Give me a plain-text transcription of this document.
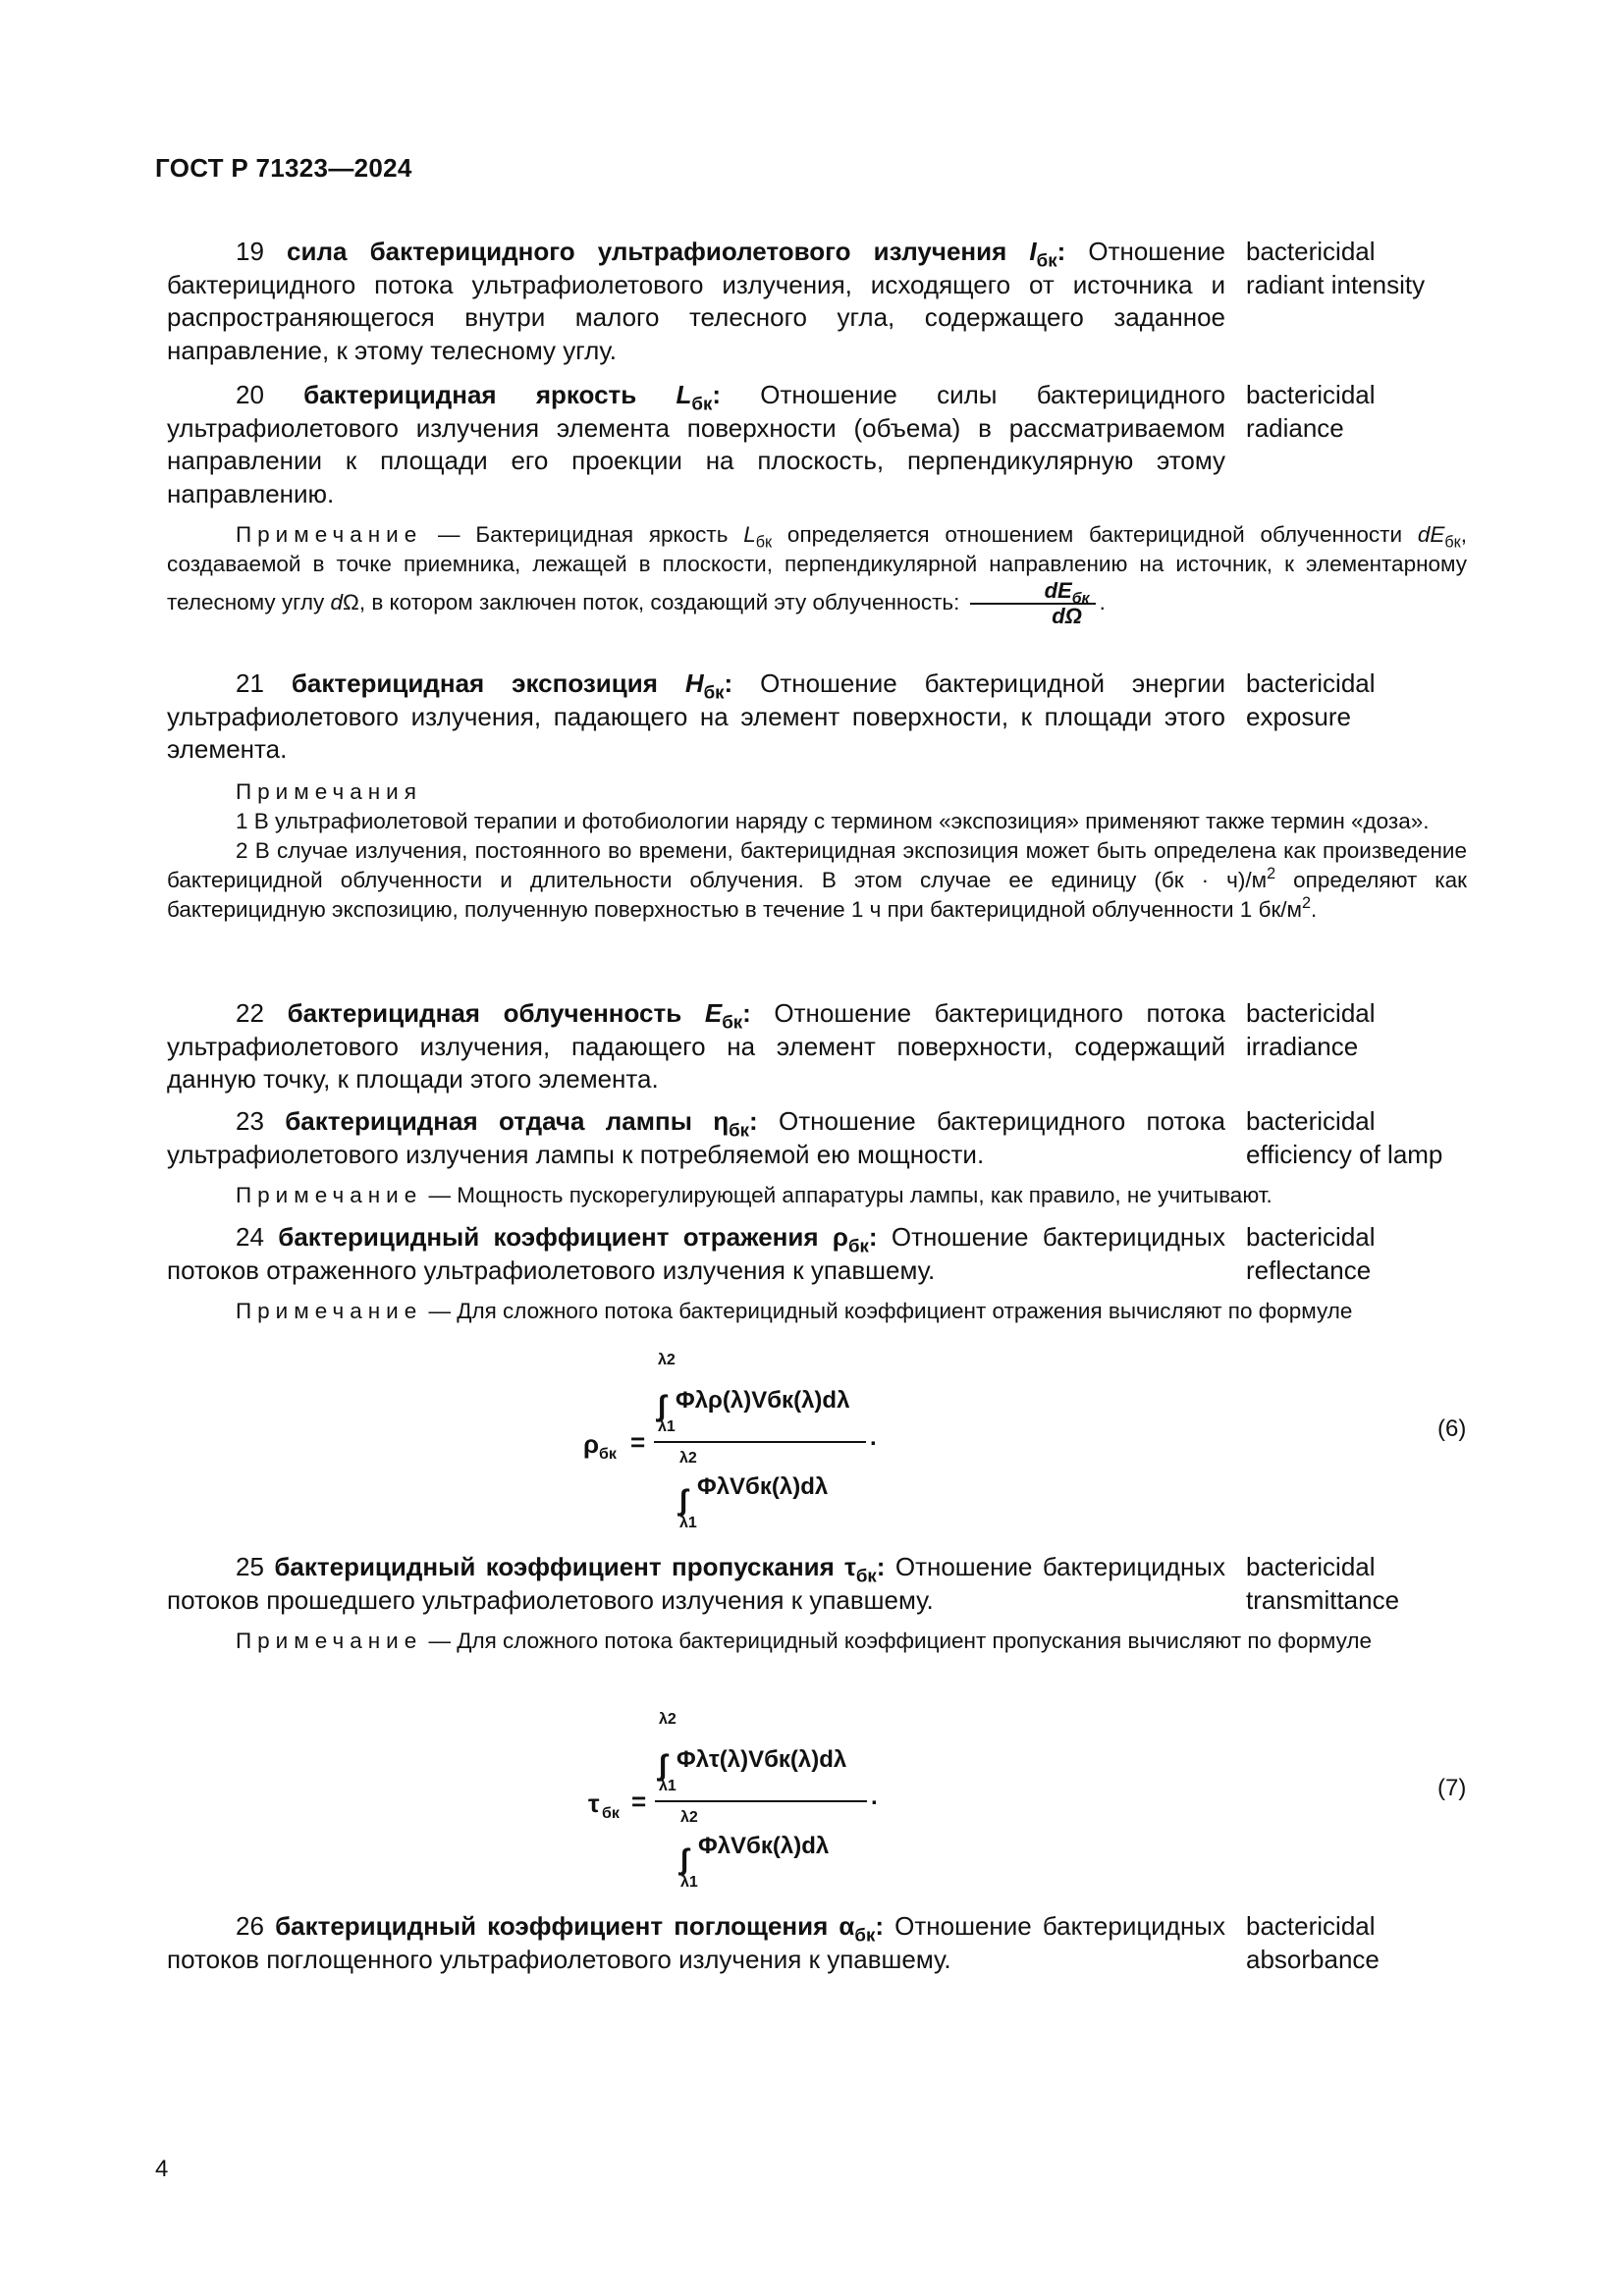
ГОСТ Р 71323—2024

19 сила бактерицидного ультрафиолетового излучения $I_{бк}$: Отношение бактерицидного потока ультрафиолетового излучения, исходящего от источника и распространяющегося внутри малого телесного угла, содержащего заданное направление, к этому телесному углу.

bactericidal
radiant intensity

20 бактерицидная яркость $L_{бк}$: Отношение силы бактерицидного ультрафиолетового излучения элемента поверхности (объема) в рассматриваемом направлении к площади его проекции на плоскость, перпендикулярную этому направлению.

bactericidal
radiance

Примечание — Бактерицидная яркость $L_{бк}$ определяется отношением бактерицидной облученности $dE_{бк}$, создаваемой в точке приемника, лежащей в плоскости, перпендикулярной направлению на источник, к элементарному телесному углу dΩ, в котором заключен поток, создающий эту облученность: $\frac{dE_{бк}}{d\Omega}$ .

21 бактерицидная экспозиция $H_{бк}$: Отношение бактерицидной энергии ультрафиолетового излучения, падающего на элемент поверхности, к площади этого элемента.

bactericidal
exposure

Примечания

1 В ультрафиолетовой терапии и фотобиологии наряду с термином «экспозиция» применяют также термин «доза».

2 В случае излучения, постоянного во времени, бактерицидная экспозиция может быть определена как произведение бактерицидной облученности и длительности облучения. В этом случае ее единицу $(бк \cdot ч)/м^2$ определяют как бактерицидную экспозицию, полученную поверхностью в течение 1 ч при бактерицидной облученности 1 $бк/м^2$.

22 бактерицидная облученность $E_{бк}$: Отношение бактерицидного потока ультрафиолетового излучения, падающего на элемент поверхности, содержащий данную точку, к площади этого элемента.

bactericidal
irradiance

23 бактерицидная отдача лампы $\eta_{бк}$: Отношение бактерицидного потока ультрафиолетового излучения лампы к потребляемой ею мощности.

bactericidal
efficiency of lamp

Примечание — Мощность пускорегулирующей аппаратуры лампы, как правило, не учитывают.

24 бактерицидный коэффициент отражения $\rho_{бк}$: Отношение бактерицидных потоков отраженного ультрафиолетового излучения к упавшему.

bactericidal
reflectance

Примечание — Для сложного потока бактерицидный коэффициент отражения вычисляют по формуле

ρ бк =	.
λ2
∫
λ1
Φλρ(λ)Vбк(λ)dλ
λ2
∫
λ1
ΦλVбк(λ)dλ
(6)

25 бактерицидный коэффициент пропускания $\tau_{бк}$: Отношение бактерицидных потоков прошедшего ультрафиолетового излучения к упавшему.

bactericidal
transmittance

Примечание — Для сложного потока бактерицидный коэффициент пропускания вычисляют по формуле

τ бк =	.
λ2
∫
λ1
Φλτ(λ)Vбк(λ)dλ
λ2
∫
λ1
ΦλVбк(λ)dλ
(7)

26 бактерицидный коэффициент поглощения $\alpha_{бк}$: Отношение бактерицидных потоков поглощенного ультрафиолетового излучения к упавшему.

bactericidal
absorbance
4
